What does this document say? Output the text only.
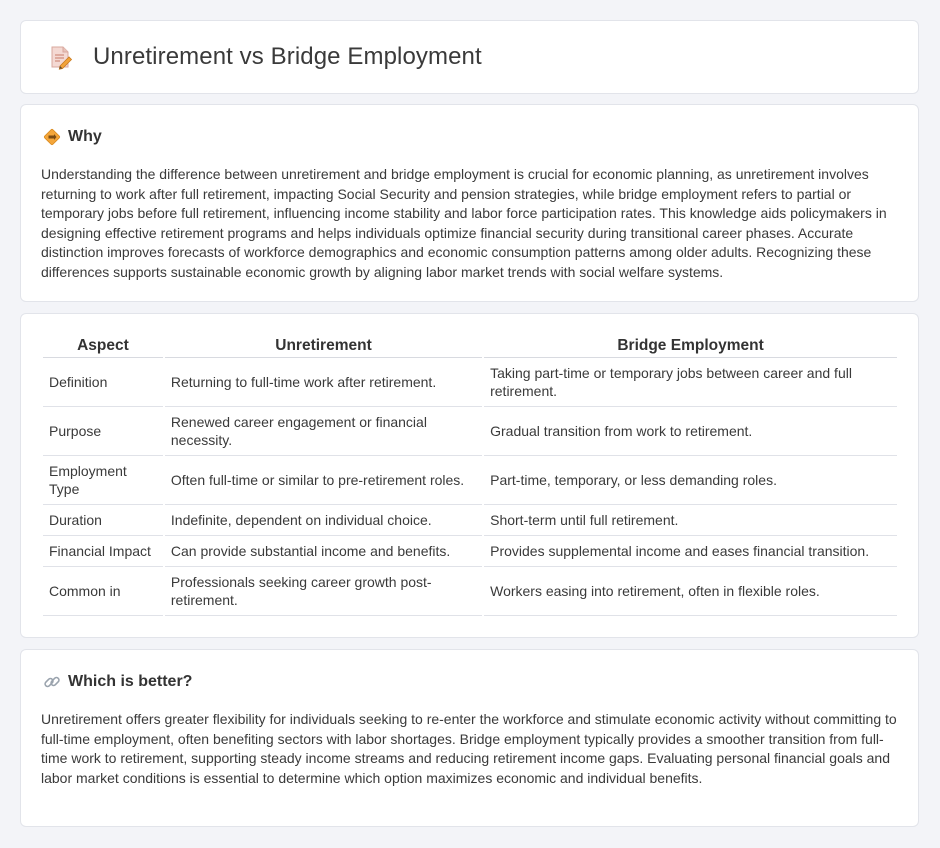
Unretirement vs Bridge Employment
Why

Understanding the difference between unretirement and bridge employment is crucial for economic planning, as unretirement involves returning to work after full retirement, impacting Social Security and pension strategies, while bridge employment refers to partial or temporary jobs before full retirement, influencing income stability and labor force participation rates. This knowledge aids policymakers in designing effective retirement programs and helps individuals optimize financial security during transitional career phases. Accurate distinction improves forecasts of workforce demographics and economic consumption patterns among older adults. Recognizing these differences supports sustainable economic growth by aligning labor market trends with social welfare systems.

Aspect	Unretirement	Bridge Employment
Definition	Returning to full-time work after retirement.	Taking part-time or temporary jobs between career and full retirement.
Purpose	Renewed career engagement or financial necessity.	Gradual transition from work to retirement.
Employment Type	Often full-time or similar to pre-retirement roles.	Part-time, temporary, or less demanding roles.
Duration	Indefinite, dependent on individual choice.	Short-term until full retirement.
Financial Impact	Can provide substantial income and benefits.	Provides supplemental income and eases financial transition.
Common in	Professionals seeking career growth post-retirement.	Workers easing into retirement, often in flexible roles.
Which is better?

Unretirement offers greater flexibility for individuals seeking to re-enter the workforce and stimulate economic activity without committing to full-time employment, often benefiting sectors with labor shortages. Bridge employment typically provides a smoother transition from full-time work to retirement, supporting steady income streams and reducing retirement income gaps. Evaluating personal financial goals and labor market conditions is essential to determine which option maximizes economic and individual benefits.
